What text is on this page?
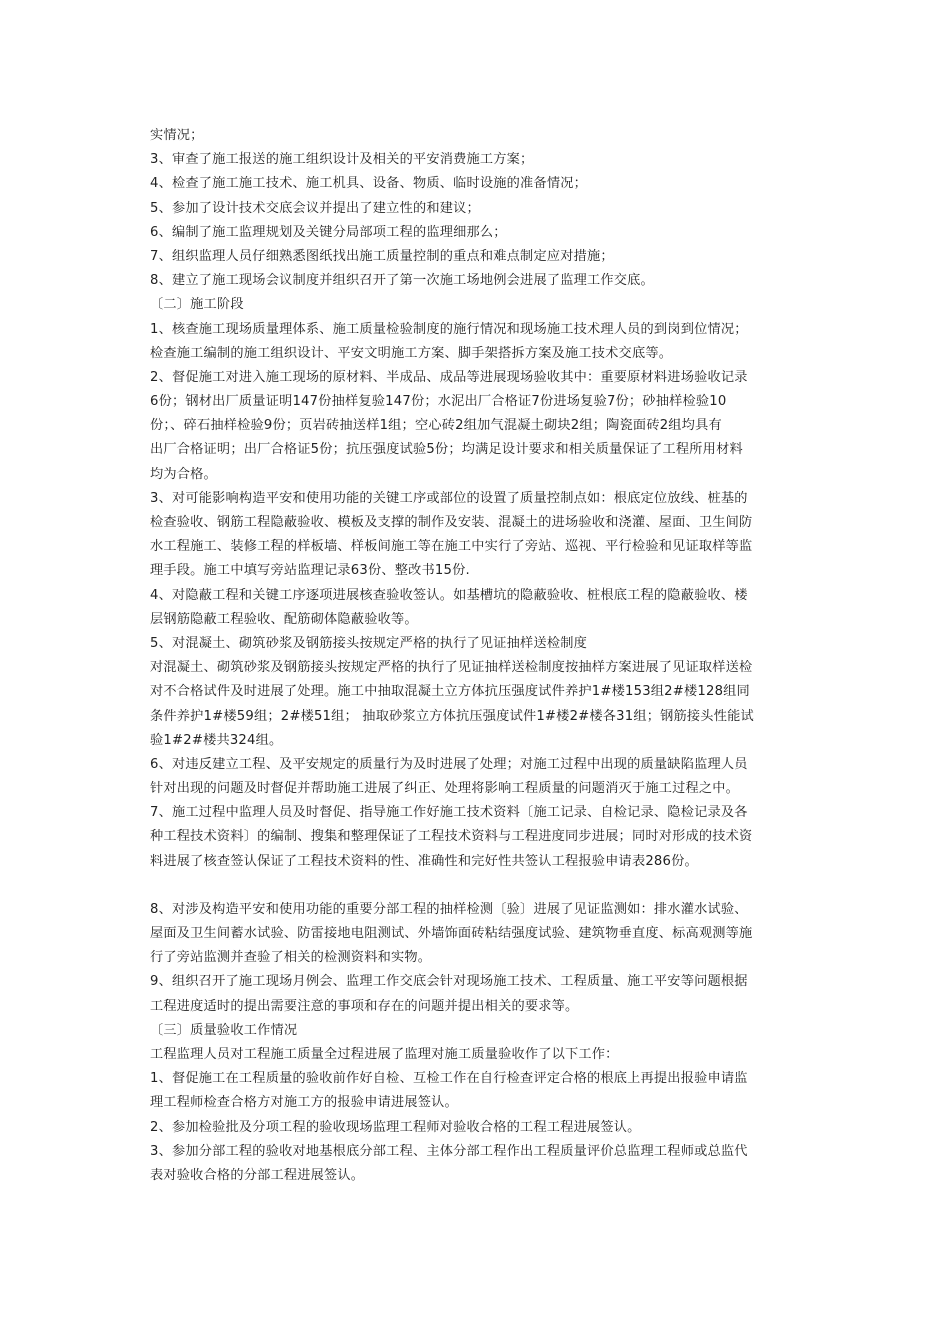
实情况；
3、审查了施工报送的施工组织设计及相关的平安消费施工方案；
4、检查了施工施工技术、施工机具、设备、物质、临时设施的准备情况；
5、参加了设计技术交底会议并提出了建立性的和建议；
6、编制了施工监理规划及关键分局部项工程的监理细那么；
7、组织监理人员仔细熟悉图纸找出施工质量控制的重点和难点制定应对措施；
8、建立了施工现场会议制度并组织召开了第一次施工场地例会进展了监理工作交底。
〔二〕施工阶段
1、核查施工现场质量理体系、施工质量检验制度的施行情况和现场施工技术理人员的到岗到位情况；
检查施工编制的施工组织设计、平安文明施工方案、脚手架搭拆方案及施工技术交底等。
2、督促施工对进入施工现场的原材料、半成品、成品等进展现场验收其中：重要原材料进场验收记录
6份；钢材出厂质量证明147份抽样复验147份；水泥出厂合格证7份进场复验7份；砂抽样检验10
份；、碎石抽样检验9份；页岩砖抽送样1组；空心砖2组加气混凝土砌块2组；陶瓷面砖2组均具有
出厂合格证明；出厂合格证5份；抗压强度试验5份；均满足设计要求和相关质量保证了工程所用材料
均为合格。
3、对可能影响构造平安和使用功能的关键工序或部位的设置了质量控制点如：根底定位放线、桩基的
检查验收、钢筋工程隐蔽验收、模板及支撑的制作及安装、混凝土的进场验收和浇灌、屋面、卫生间防
水工程施工、装修工程的样板墙、样板间施工等在施工中实行了旁站、巡视、平行检验和见证取样等监
理手段。施工中填写旁站监理记录63份、整改书15份.
4、对隐蔽工程和关键工序逐项进展核查验收签认。如基槽坑的隐蔽验收、桩根底工程的隐蔽验收、楼
层钢筋隐蔽工程验收、配筋砌体隐蔽验收等。
5、对混凝土、砌筑砂浆及钢筋接头按规定严格的执行了见证抽样送检制度
对混凝土、砌筑砂浆及钢筋接头按规定严格的执行了见证抽样送检制度按抽样方案进展了见证取样送检
对不合格试件及时进展了处理。施工中抽取混凝土立方体抗压强度试件养护1#楼153组2#楼128组同
条件养护1#楼59组；2#楼51组； 抽取砂浆立方体抗压强度试件1#楼2#楼各31组；钢筋接头性能试
验1#2#楼共324组。
6、对违反建立工程、及平安规定的质量行为及时进展了处理；对施工过程中出现的质量缺陷监理人员
针对出现的问题及时督促并帮助施工进展了纠正、处理将影响工程质量的问题消灭于施工过程之中。
7、施工过程中监理人员及时督促、指导施工作好施工技术资料〔施工记录、自检记录、隐检记录及各
种工程技术资料〕的编制、搜集和整理保证了工程技术资料与工程进度同步进展；同时对形成的技术资
料进展了核查签认保证了工程技术资料的性、准确性和完好性共签认工程报验申请表286份。
8、对涉及构造平安和使用功能的重要分部工程的抽样检测〔验〕进展了见证监测如：排水灌水试验、
屋面及卫生间蓄水试验、防雷接地电阻测试、外墙饰面砖粘结强度试验、建筑物垂直度、标高观测等施
行了旁站监测并查验了相关的检测资料和实物。
9、组织召开了施工现场月例会、监理工作交底会针对现场施工技术、工程质量、施工平安等问题根据
工程进度适时的提出需要注意的事项和存在的问题并提出相关的要求等。
〔三〕质量验收工作情况
工程监理人员对工程施工质量全过程进展了监理对施工质量验收作了以下工作：
1、督促施工在工程质量的验收前作好自检、互检工作在自行检查评定合格的根底上再提出报验申请监
理工程师检查合格方对施工方的报验申请进展签认。
2、参加检验批及分项工程的验收现场监理工程师对验收合格的工程工程进展签认。
3、参加分部工程的验收对地基根底分部工程、主体分部工程作出工程质量评价总监理工程师或总监代
表对验收合格的分部工程进展签认。
